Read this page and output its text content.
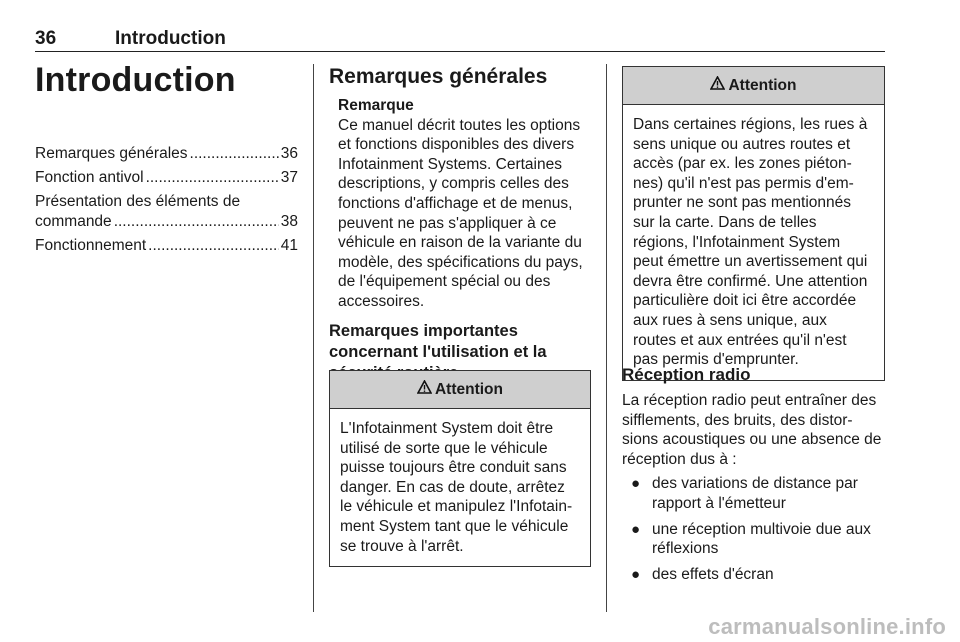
36	Introduction
Introduction
Remarques générales .....	36
Fonction antivol .....	37
Présentation des éléments de
commande .....	38
Fonctionnement .....	41
Remarques générales
Remarque
Ce manuel décrit toutes les options
et fonctions disponibles des divers
Infotainment Systems. Certaines
descriptions, y compris celles des
fonctions d'affichage et de menus,
peuvent ne pas s'appliquer à ce
véhicule en raison de la variante du
modèle, des spécifications du pays,
de l'équipement spécial ou des
accessoires.
Remarques importantes
concernant l'utilisation et la
Attention
L'Infotainment System doit être
utilisé de sorte que le véhicule
puisse toujours être conduit sans
danger. En cas de doute, arrêtez
le véhicule et manipulez l'Infotain-
ment System tant que le véhicule
se trouve à l'arrêt.
Attention
Dans certaines régions, les rues à
sens unique ou autres routes et
accès (par ex. les zones piéton-
nes) qu'il n'est pas permis d'em-
prunter ne sont pas mentionnés
sur la carte. Dans de telles
régions, l'Infotainment System
peut émettre un avertissement qui
devra être confirmé. Une attention
particulière doit ici être accordée
aux rues à sens unique, aux
routes et aux entrées qu'il n'est
pas permis d'emprunter.
Réception radio
La réception radio peut entraîner des
sifflements, des bruits, des distor-
sions acoustiques ou une absence de
réception dus à :
● des variations de distance par
rapport à l'émetteur
● une réception multivoie due aux
réflexions
● des effets d'écran
carmanualsonline.info
